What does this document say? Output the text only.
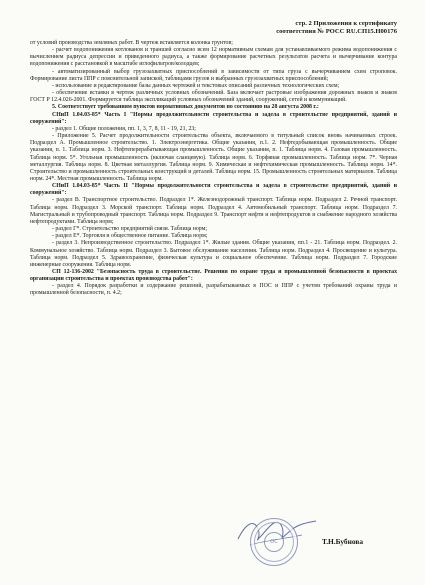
стр. 2 Приложения к сертификату
соответствия № РОСС RU.СП15.Н00176

от условий производства земляных работ. В чертеж вставляется колонка грунтов;

- расчет водопонижения котлованов и траншей согласно всем 12 нормативным схемам для устанавливаемого режима водопонижения с вычислением радиуса депрессии и приведенного радиуса, а также формирование расчетных результатов расчета и вычерчивание контура водопонижения с расстановкой в масштабе иглофильтров/колодцев;

- автоматизированный выбор грузозахватных приспособлений в зависимости от типа груза с вычерчиванием схем строповок. Формирование листа ППР с пояснительной запиской, таблицами грузов и выбранных грузозахватных приспособлений;

- использование и редактирование базы данных чертежей и текстовых описаний различных технологических схем;

- обеспечение вставки в чертеж различных условных обозначений. База включает растровые изображения дорожных знаков и знаков ГОСТ Р 12.4.026-2001. Формируется таблица экспликаций условных обозначений зданий, сооружений, сетей и коммуникаций.

5. Соответствует требованиям пунктов нормативных документов по состоянию на 28 августа 2008 г.:

СНиП 1.04.03-85* Часть I "Нормы продолжительности строительства и задела в строительстве предприятий, зданий и сооружений":

- раздел 1. Общие положения, пп. 1, 3, 7, 8, 11 - 19, 21, 23;

- Приложение 5. Расчет продолжительности строительства объекта, включаемого в титульный список вновь начинаемых строек. Подраздел А. Промышленное строительство. 1. Электроэнергетика. Общие указания, п.1. 2. Нефтедобывающая промышленность. Общие указания, п. 1. Таблица норм. 3. Нефтеперерабатывающая промышленность. Общие указания, п. 1. Таблица норм. 4. Газовая промышленность. Таблица норм. 5*. Угольная промышленность (включая сланцевую). Таблица норм. 6. Торфяная промышленность. Таблица норм. 7*. Черная металлургия. Таблица норм. 8. Цветная металлургия. Таблица норм. 9. Химическая и нефтехимическая промышленность. Таблица норм. 14*. Строительство и промышленность строительных конструкций и деталей. Таблица норм. 15. Промышленность строительных материалов. Таблица норм. 24*. Местная промышленность. Таблица норм.

СНиП 1.04.03-85* Часть II "Нормы продолжительности строительства и задела в строительстве предприятий, зданий и сооружений":

- раздел В. Транспортное строительство. Подраздел 1*. Железнодорожный транспорт. Таблица норм. Подраздел 2. Речной транспорт. Таблица норм. Подраздел 3. Морской транспорт. Таблица норм. Подраздел 4. Автомобильный транспорт. Таблица норм. Подраздел 7. Магистральный и трубопроводный транспорт. Таблица норм. Подраздел 9. Транспорт нефти и нефтепродуктов и снабжение народного хозяйства нефтепродуктами. Таблица норм;

- раздел Г*. Строительство предприятий связи. Таблица норм;

- раздел Е*. Торговля и общественное питание. Таблица норм;

- раздел 3. Непроизводственное строительство. Подраздел 1*. Жилые здания. Общие указания, пп.1 - 21. Таблица норм. Подраздел. 2. Коммунальное хозяйство. Таблица норм. Подраздел 3. Бытовое обслуживание населения. Таблица норм. Подраздел 4. Просвещение и культура. Таблица норм. Подраздел 5. Здравоохранение, физическая культура и социальное обеспечение. Таблица норм. Подраздел 7. Городские инженерные сооружения. Таблица норм.

СП 12-136-2002 "Безопасность труда в строительстве. Решения по охране труда и промышленной безопасности в проектах организации строительства и проектах производства работ":

- раздел 4. Порядок разработки и содержание решений, разрабатываемых в ПОС и ППР с учетом требований охраны труда и промышленной безопасности, п. 4.2;

ОС	Т.Н.Бубнова
